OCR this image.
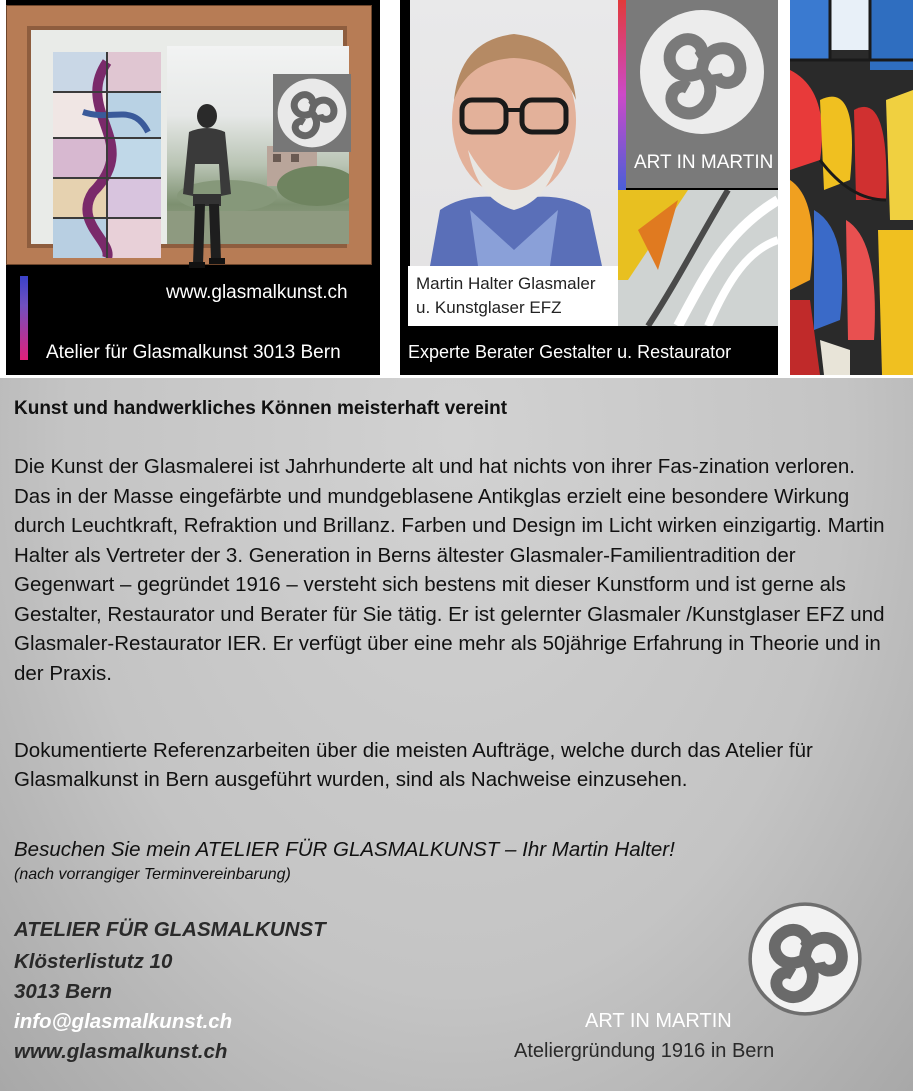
www.glasmalkunst.ch
Atelier für Glasmalkunst 3013 Bern
ART IN MARTIN
Martin Halter Glasmaler
u. Kunstglaser EFZ
Experte Berater Gestalter u. Restaurator
Kunst und handwerkliches Können meisterhaft vereint
Die Kunst der Glasmalerei ist Jahrhunderte alt und hat nichts von ihrer Fas-zination verloren. Das in der Masse eingefärbte und mundgeblasene Antikglas erzielt eine besondere Wirkung durch Leuchtkraft, Refraktion und Brillanz. Farben und Design im Licht wirken einzigartig. Martin Halter als Vertreter der 3. Generation in Berns ältester Glasmaler-Familientradition der Gegenwart – gegründet 1916 – versteht sich bestens mit dieser Kunstform und ist gerne als Gestalter, Restaurator und Berater für Sie tätig. Er ist gelernter Glasmaler /Kunstglaser EFZ und Glasmaler-Restaurator IER. Er verfügt über eine mehr als 50jährige Erfahrung in Theorie und in der Praxis.
Dokumentierte Referenzarbeiten über die meisten Aufträge, welche durch das Atelier für Glasmalkunst in Bern ausgeführt wurden, sind als Nachweise einzusehen.
Besuchen Sie mein ATELIER FÜR GLASMALKUNST – Ihr Martin Halter!
(nach vorrangiger Terminvereinbarung)
ATELIER FÜR GLASMALKUNST
Klösterlistutz 10
3013 Bern
info@glasmalkunst.ch
www.glasmalkunst.ch
ART IN MARTIN
Ateliergründung 1916 in Bern
